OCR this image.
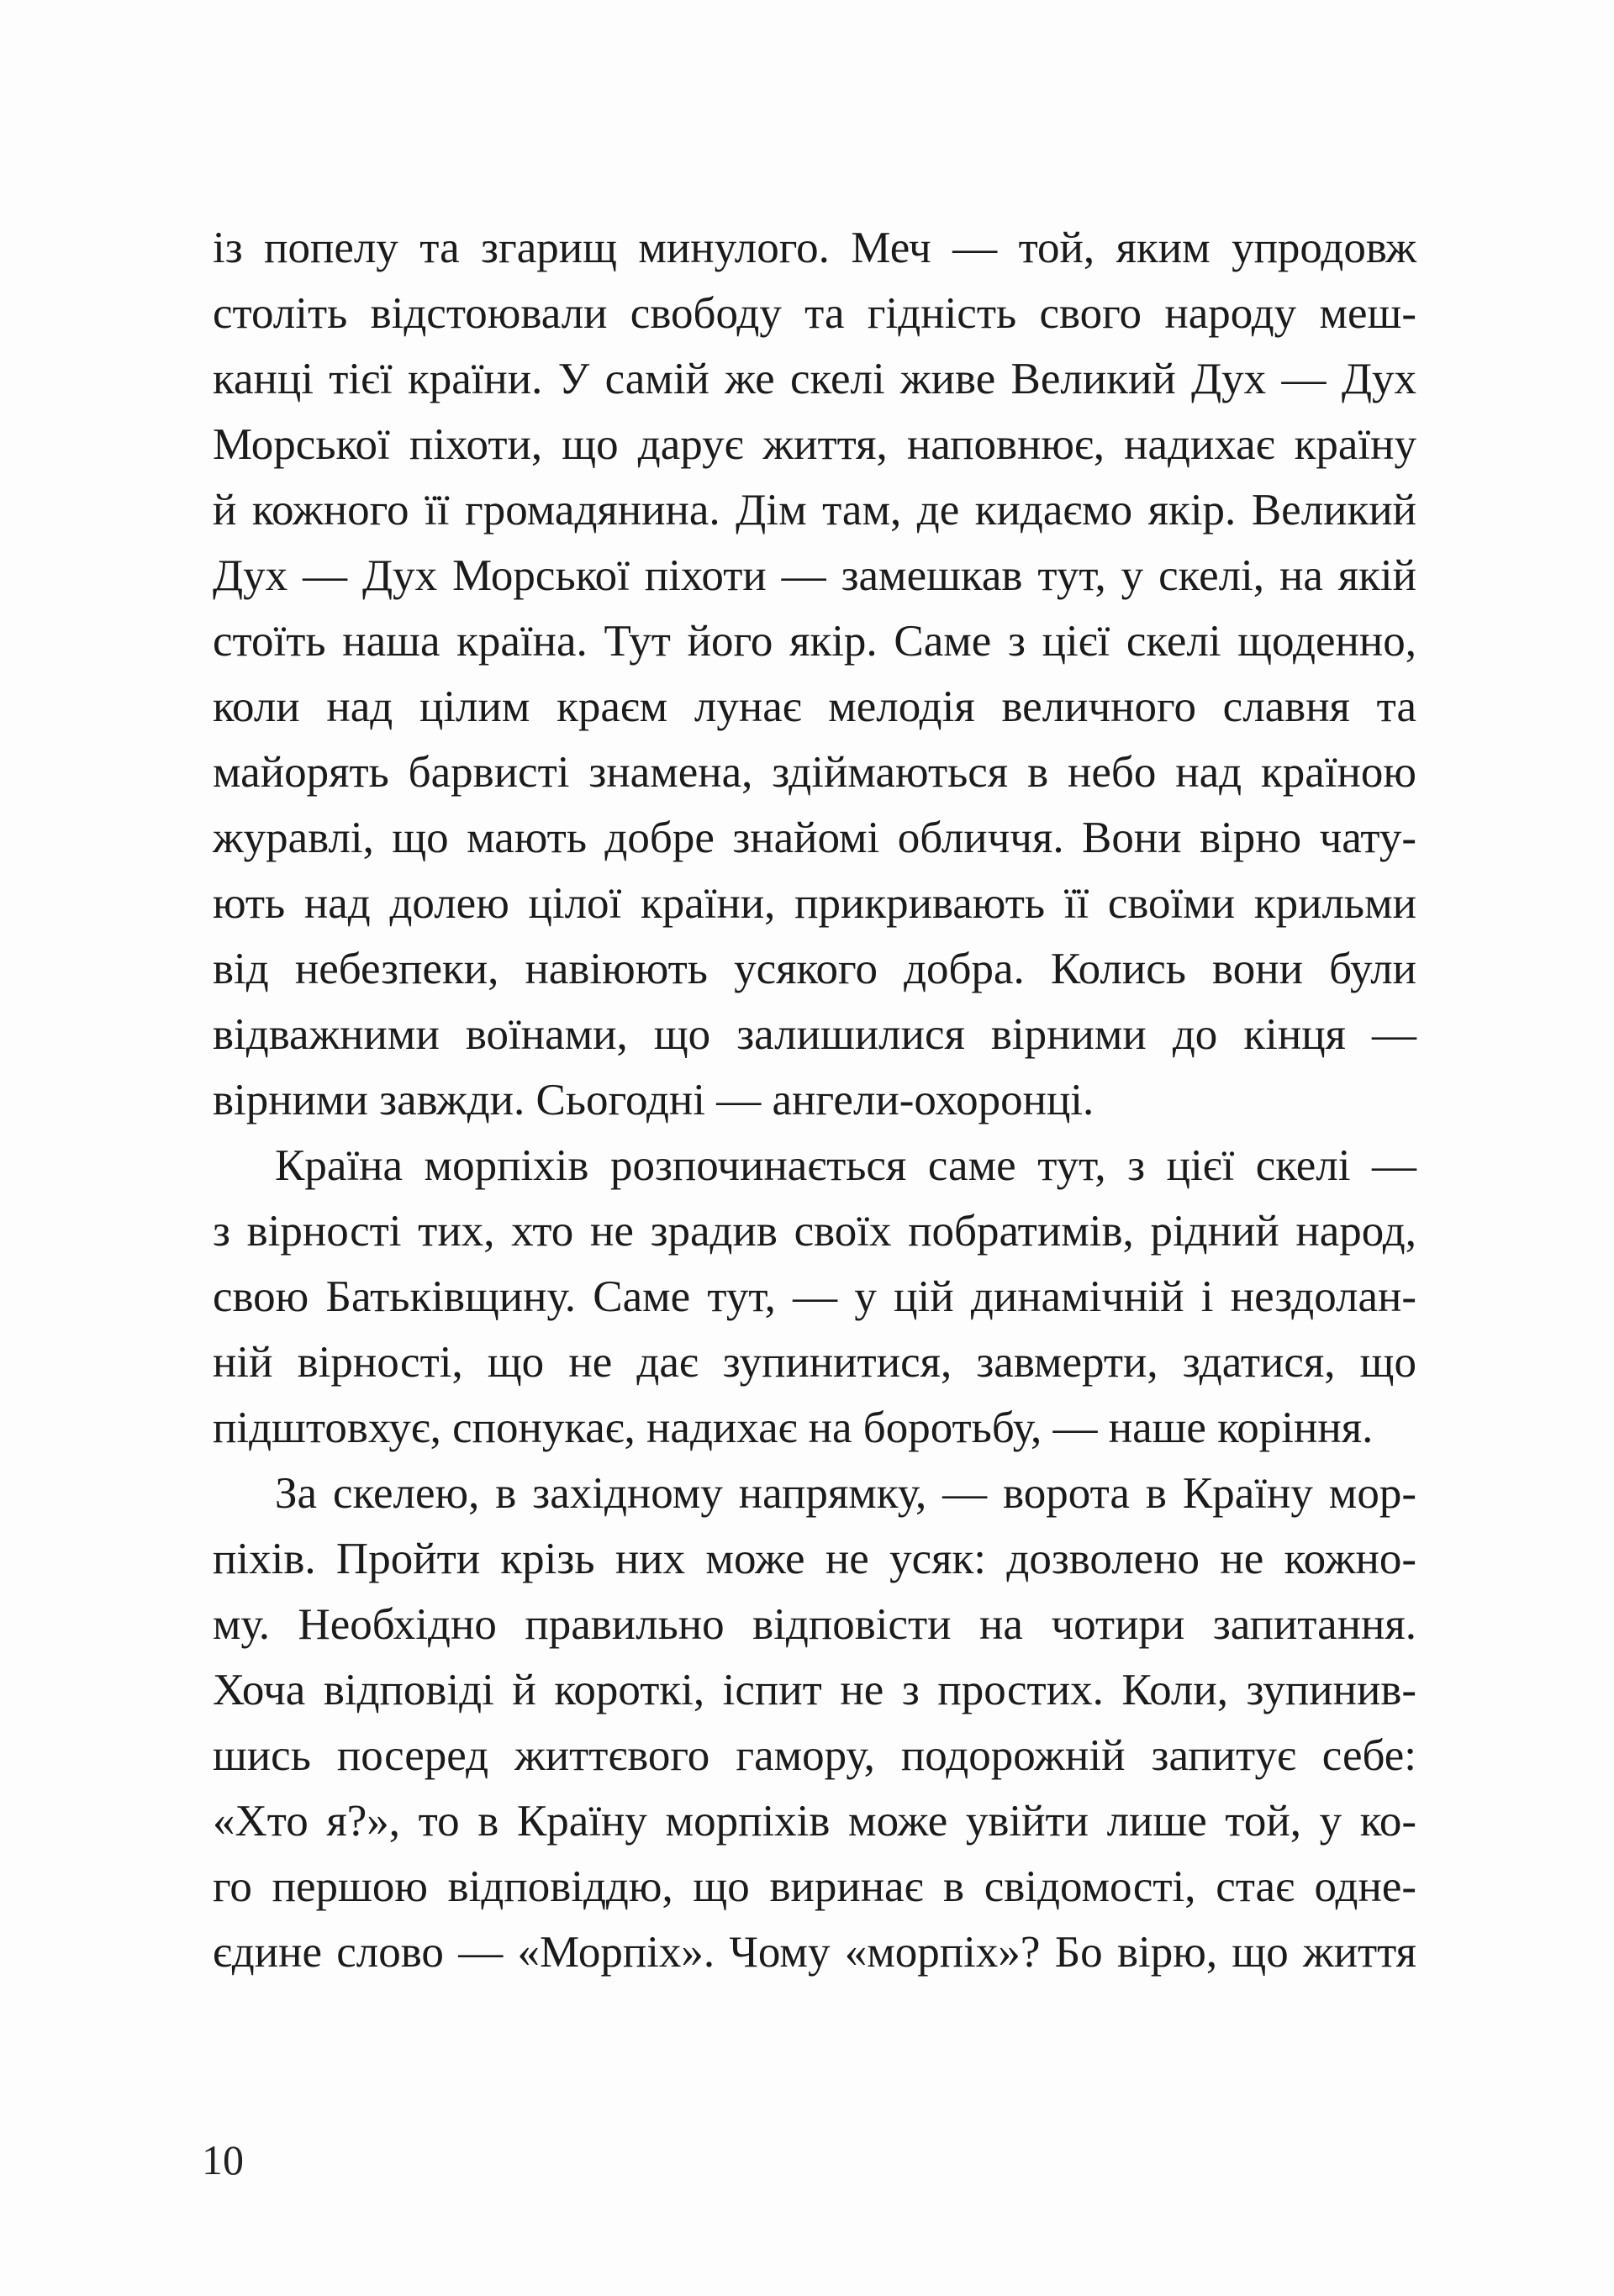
із попелу та згарищ минулого. Меч — той, яким упродовж
століть відстоювали свободу та гідність свого народу меш-
канці тієї країни. У самій же скелі живе Великий Дух — Дух
Морської піхоти, що дарує життя, наповнює, надихає країну
й кожного її громадянина. Дім там, де кидаємо якір. Великий
Дух — Дух Морської піхоти — замешкав тут, у скелі, на якій
стоїть наша країна. Тут його якір. Саме з цієї скелі щоденно,
коли над цілим краєм лунає мелодія величного славня та
майорять барвисті знамена, здіймаються в небо над країною
журавлі, що мають добре знайомі обличчя. Вони вірно чату-
ють над долею цілої країни, прикривають її своїми крильми
від небезпеки, навіюють усякого добра. Колись вони були
відважними воїнами, що залишилися вірними до кінця —
вірними завжди. Сьогодні — ангели-охоронці.
Країна морпіхів розпочинається саме тут, з цієї скелі —
з вірності тих, хто не зрадив своїх побратимів, рідний народ,
свою Батьківщину. Саме тут, — у цій динамічній і нездолан-
ній вірності, що не дає зупинитися, завмерти, здатися, що
підштовхує, спонукає, надихає на боротьбу, — наше коріння.
За скелею, в західному напрямку, — ворота в Країну мор-
піхів. Пройти крізь них може не усяк: дозволено не кожно-
му. Необхідно правильно відповісти на чотири запитання.
Хоча відповіді й короткі, іспит не з простих. Коли, зупинив-
шись посеред життєвого гамору, подорожній запитує себе:
«Хто я?», то в Країну морпіхів може увійти лише той, у ко-
го першою відповіддю, що виринає в свідомості, стає одне-
єдине слово — «Морпіх». Чому «морпіх»? Бо вірю, що життя
10
